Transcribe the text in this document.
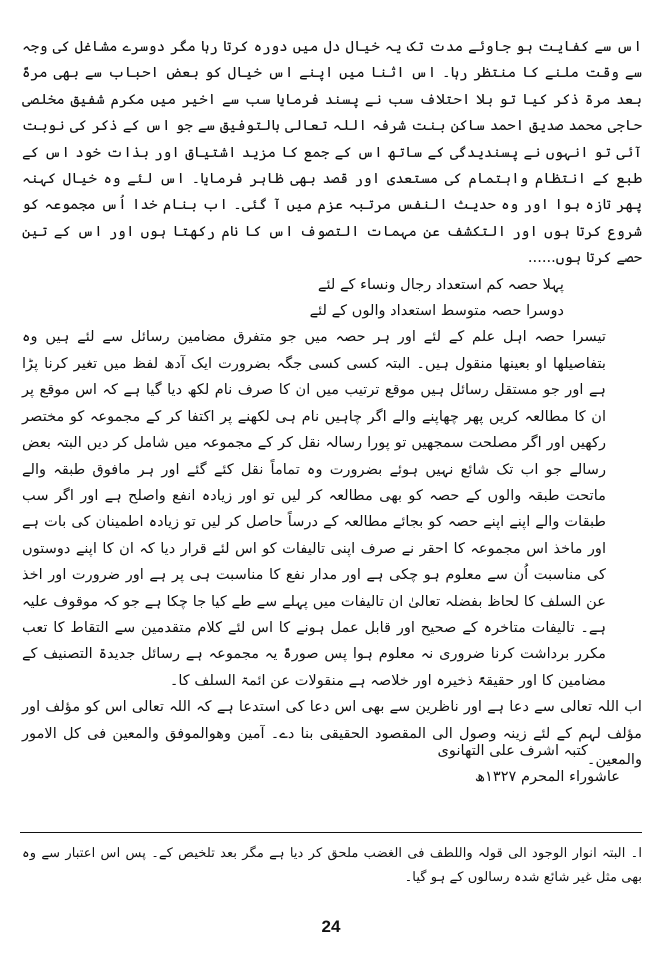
اس سے کفایت ہو جاوئے مدت تک یہ خیال دل میں دورہ کرتا رہا مگر دوسرے مشاغل کی وجہ سے وقت ملنے کا منتظر رہا۔ اس اثنا میں اپنے اس خیال کو بعض احباب سے بھی مرۃً بعد مرۃ ذکر کیا تو بلا احتلاف سب نے پسند فرمایا سب سے اخیر میں مکرم شفیق مخلصی حاجی محمد صدیق احمد ساکن بنت شرفہ اللہ تعالی بالتوفیق سے جو اس کے ذکر کی نوبت آئی تو انہوں نے پسندیدگی کے ساتھ اس کے جمع کا مزید اشتیاق اور بذات خود اس کے طبع کے انتظام واہتمام کی مستعدی اور قصد بھی ظاہر فرمایا۔ اس لئے وہ خیال کہنہ پھر تازہ ہوا اور وہ حدیث النفس مرتبہ عزم میں آ گئی۔ اب بنام خدا اُس مجموعہ کو شروع کرتا ہوں اور التکشف عن مہمات التصوف اس کا نام رکھتا ہوں اور اس کے تین حصے کرتا ہوں......

پہلا حصہ کم استعداد رجال ونساء کے لئے
دوسرا حصہ متوسط استعداد والوں کے لئے

تیسرا حصہ اہل علم کے لئے اور ہر حصہ میں جو متفرق مضامین رسائل سے لئے ہیں وہ بتفاصیلھا او بعینھا منقول ہیں۔ البتہ کسی کسی جگہ بضرورت ایک آدھ لفظ میں تغیر کرنا پڑا ہے اور جو مستقل رسائل ہیں موقع ترتیب میں ان کا صرف نام لکھ دیا گیا ہے کہ اس موقع پر ان کا مطالعہ کریں پھر چھاپنے والے اگر چاہیں نام ہی لکھنے پر اکتفا کر کے مجموعہ کو مختصر رکھیں اور اگر مصلحت سمجھیں تو پورا رسالہ نقل کر کے مجموعہ میں شامل کر دیں البتہ بعض رسالے جو اب تک شائع نہیں ہوئے بضرورت وہ تماماً نقل کئے گئے اور ہر مافوق طبقہ والے ماتحت طبقہ والوں کے حصہ کو بھی مطالعہ کر لیں تو اور زیادہ انفع واصلح ہے اور اگر سب طبقات والے اپنے اپنے حصہ کو بجائے مطالعہ کے درساً حاصل کر لیں تو زیادہ اطمینان کی بات ہے اور ماخذ اس مجموعہ کا احقر نے صرف اپنی تالیفات کو اس لئے قرار دیا کہ ان کا اپنے دوستوں کی مناسبت اُن سے معلوم ہو چکی ہے اور مدار نفع کا مناسبت ہی پر ہے اور ضرورت اور اخذ عن السلف کا لحاظ بفضلہ تعالیٰ ان تالیفات میں پہلے سے طے کیا جا چکا ہے جو کہ موقوف علیہ ہے۔ تالیفات متاخرہ کے صحیح اور قابل عمل ہونے کا اس لئے کلام متقدمین سے التقاط کا تعب مکرر برداشت کرنا ضروری نہ معلوم ہوا پس صورۃً یہ مجموعہ ہے رسائل جدیدۃ التصنیف کے مضامین کا اور حقیقۃً ذخیرہ اور خلاصہ ہے منقولات عن ائمۃ السلف کا۔

اب اللہ تعالی سے دعا ہے اور ناظرین سے بھی اس دعا کی استدعا ہے کہ اللہ تعالی اس کو مؤلف اور مؤلف لہم کے لئے زینہ وصول الی المقصود الحقیقی بنا دے۔ آمین وھوالموفق والمعین فی کل الامور والمعین۔

کتبہ اشرف علی التھانوی
عاشوراء المحرم ۱۳۲۷ھ
ا۔ البتہ انوار الوجود الی قولہ واللطف فی الغضب ملحق کر دیا ہے مگر بعد تلخیص کے۔ پس اس اعتبار سے وہ بھی مثل غیر شائع شدہ رسالوں کے ہو گیا۔
24
